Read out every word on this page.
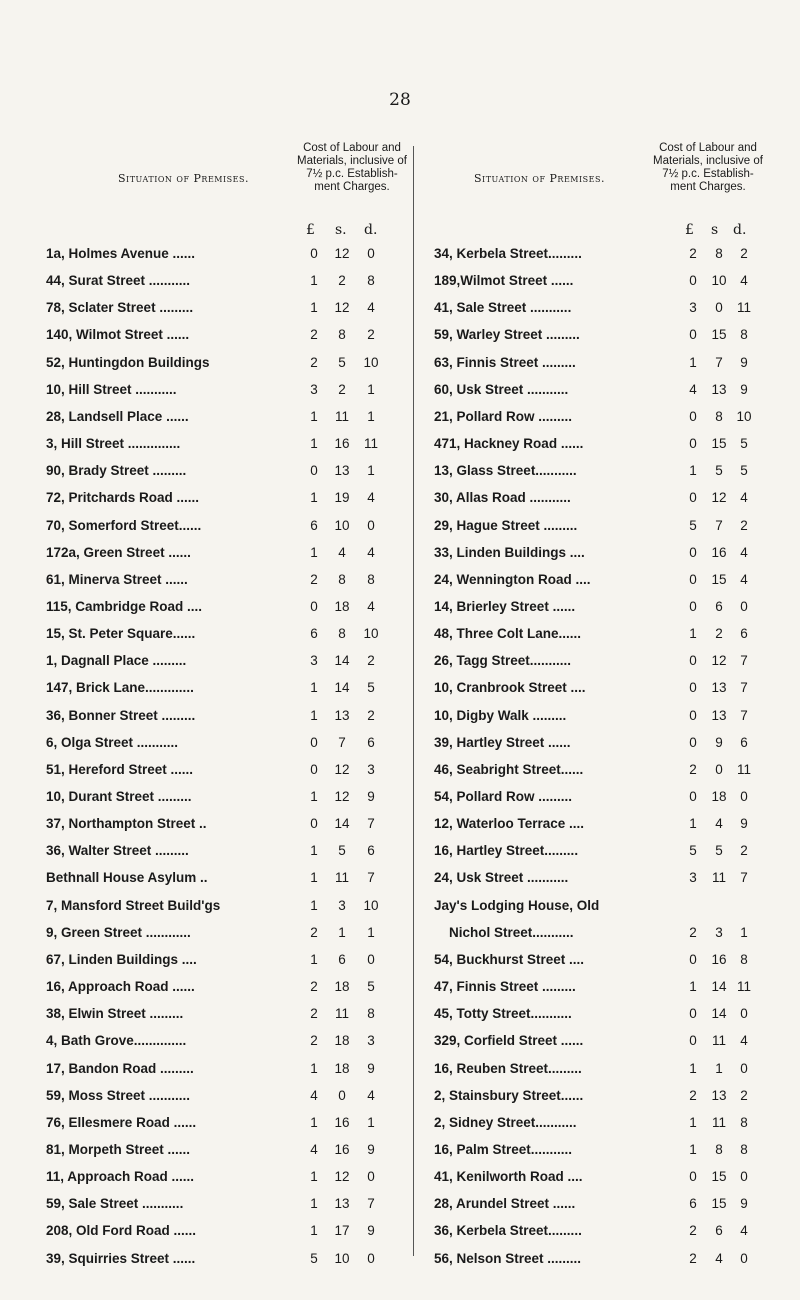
28
Situation of Premises.
Cost of Labour and Materials, inclusive of 7½ p.c. Establish- ment Charges.
Situation of Premises.
Cost of Labour and Materials, inclusive of 7½ p.c. Establish- ment Charges.
£ s. d.	£ s d.
1a, Holmes Avenue ......	0	12	0
44, Surat Street ...........	1	2	8
78, Sclater Street .........	1	12	4
140, Wilmot Street ......	2	8	2
52, Huntingdon Buildings	2	5	10
10, Hill Street ...........	3	2	1
28, Landsell Place ......	1	11	1
3, Hill Street ..............	1	16	11
90, Brady Street .........	0	13	1
72, Pritchards Road ......	1	19	4
70, Somerford Street......	6	10	0
172a, Green Street ......	1	4	4
61, Minerva Street ......	2	8	8
115, Cambridge Road ....	0	18	4
15, St. Peter Square......	6	8	10
1, Dagnall Place .........	3	14	2
147, Brick Lane.............	1	14	5
36, Bonner Street .........	1	13	2
6, Olga Street ...........	0	7	6
51, Hereford Street ......	0	12	3
10, Durant Street .........	1	12	9
37, Northampton Street ..	0	14	7
36, Walter Street .........	1	5	6
Bethnall House Asylum ..	1	11	7
7, Mansford Street Build'gs	1	3	10
9, Green Street ............	2	1	1
67, Linden Buildings ....	1	6	0
16, Approach Road ......	2	18	5
38, Elwin Street .........	2	11	8
4, Bath Grove..............	2	18	3
17, Bandon Road .........	1	18	9
59, Moss Street ...........	4	0	4
76, Ellesmere Road ......	1	16	1
81, Morpeth Street ......	4	16	9
11, Approach Road ......	1	12	0
59, Sale Street ...........	1	13	7
208, Old Ford Road ......	1	17	9
39, Squirries Street ......	5	10	0
34, Kerbela Street.........	2	8	2
189,Wilmot Street ......	0	10	4
41, Sale Street ...........	3	0	11
59, Warley Street .........	0	15	8
63, Finnis Street .........	1	7	9
60, Usk Street ...........	4	13	9
21, Pollard Row .........	0	8	10
471, Hackney Road ......	0	15	5
13, Glass Street...........	1	5	5
30, Allas Road ...........	0	12	4
29, Hague Street .........	5	7	2
33, Linden Buildings ....	0	16	4
24, Wennington Road ....	0	15	4
14, Brierley Street ......	0	6	0
48, Three Colt Lane......	1	2	6
26, Tagg Street...........	0	12	7
10, Cranbrook Street ....	0	13	7
10, Digby Walk .........	0	13	7
39, Hartley Street ......	0	9	6
46, Seabright Street......	2	0	11
54, Pollard Row .........	0	18	0
12, Waterloo Terrace ....	1	4	9
16, Hartley Street.........	5	5	2
24, Usk Street ...........	3	11	7
Jay's Lodging House, Old
Nichol Street...........	2	3	1
54, Buckhurst Street ....	0	16	8
47, Finnis Street .........	1	14 11
45, Totty Street...........	0	14	0
329, Corfield Street ......	0	11	4
16, Reuben Street.........	1	1	0
2, Stainsbury Street......	2	13	2
2, Sidney Street...........	1	11	8
16, Palm Street...........	1	8	8
41, Kenilworth Road ....	0	15	0
28, Arundel Street ......	6	15	9
36, Kerbela Street.........	2	6	4
56, Nelson Street .........	2	4	0
